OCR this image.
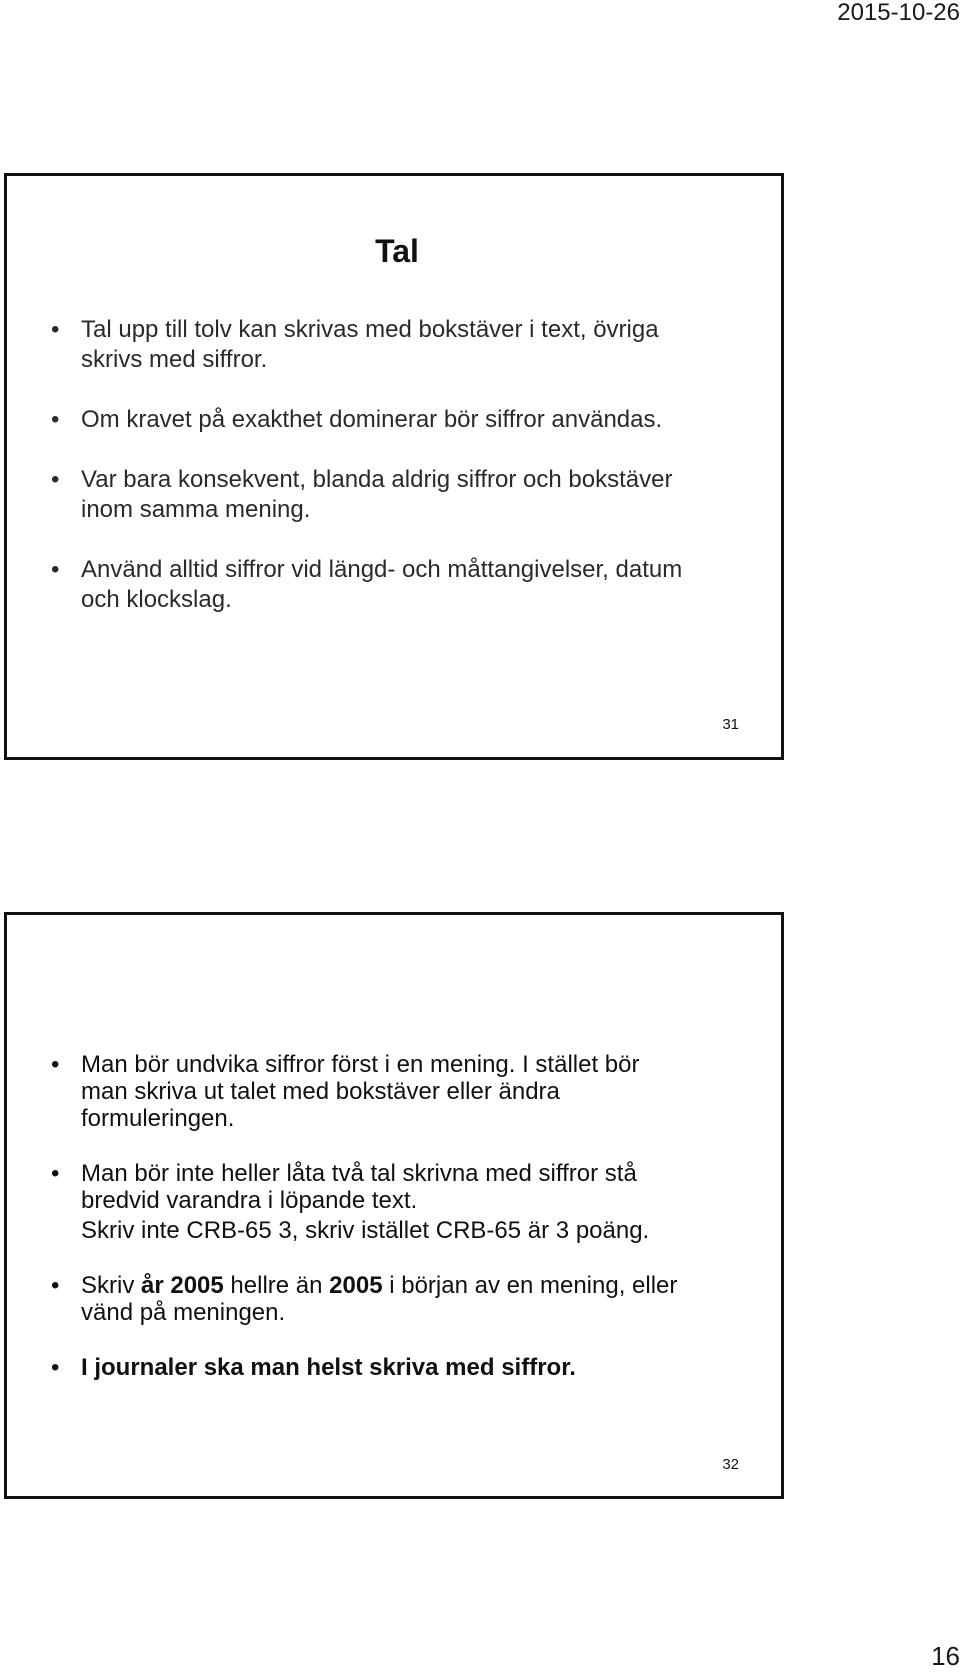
2015-10-26
Tal
• Tal upp till tolv kan skrivas med bokstäver i text, övriga
skrivs med siffror.
• Om kravet på exakthet dominerar bör siffror användas.
• Var bara konsekvent, blanda aldrig siffror och bokstäver
inom samma mening.
• Använd alltid siffror vid längd- och måttangivelser, datum
och klockslag.
31
• Man bör undvika siffror först i en mening. I stället bör
man skriva ut talet med bokstäver eller ändra
formuleringen.
• Man bör inte heller låta två tal skrivna med siffror stå
bredvid varandra i löpande text.
Skriv inte CRB-65 3, skriv istället CRB-65 är 3 poäng.
• Skriv år 2005 hellre än 2005 i början av en mening, eller
vänd på meningen.
• I journaler ska man helst skriva med siffror.
32
16
